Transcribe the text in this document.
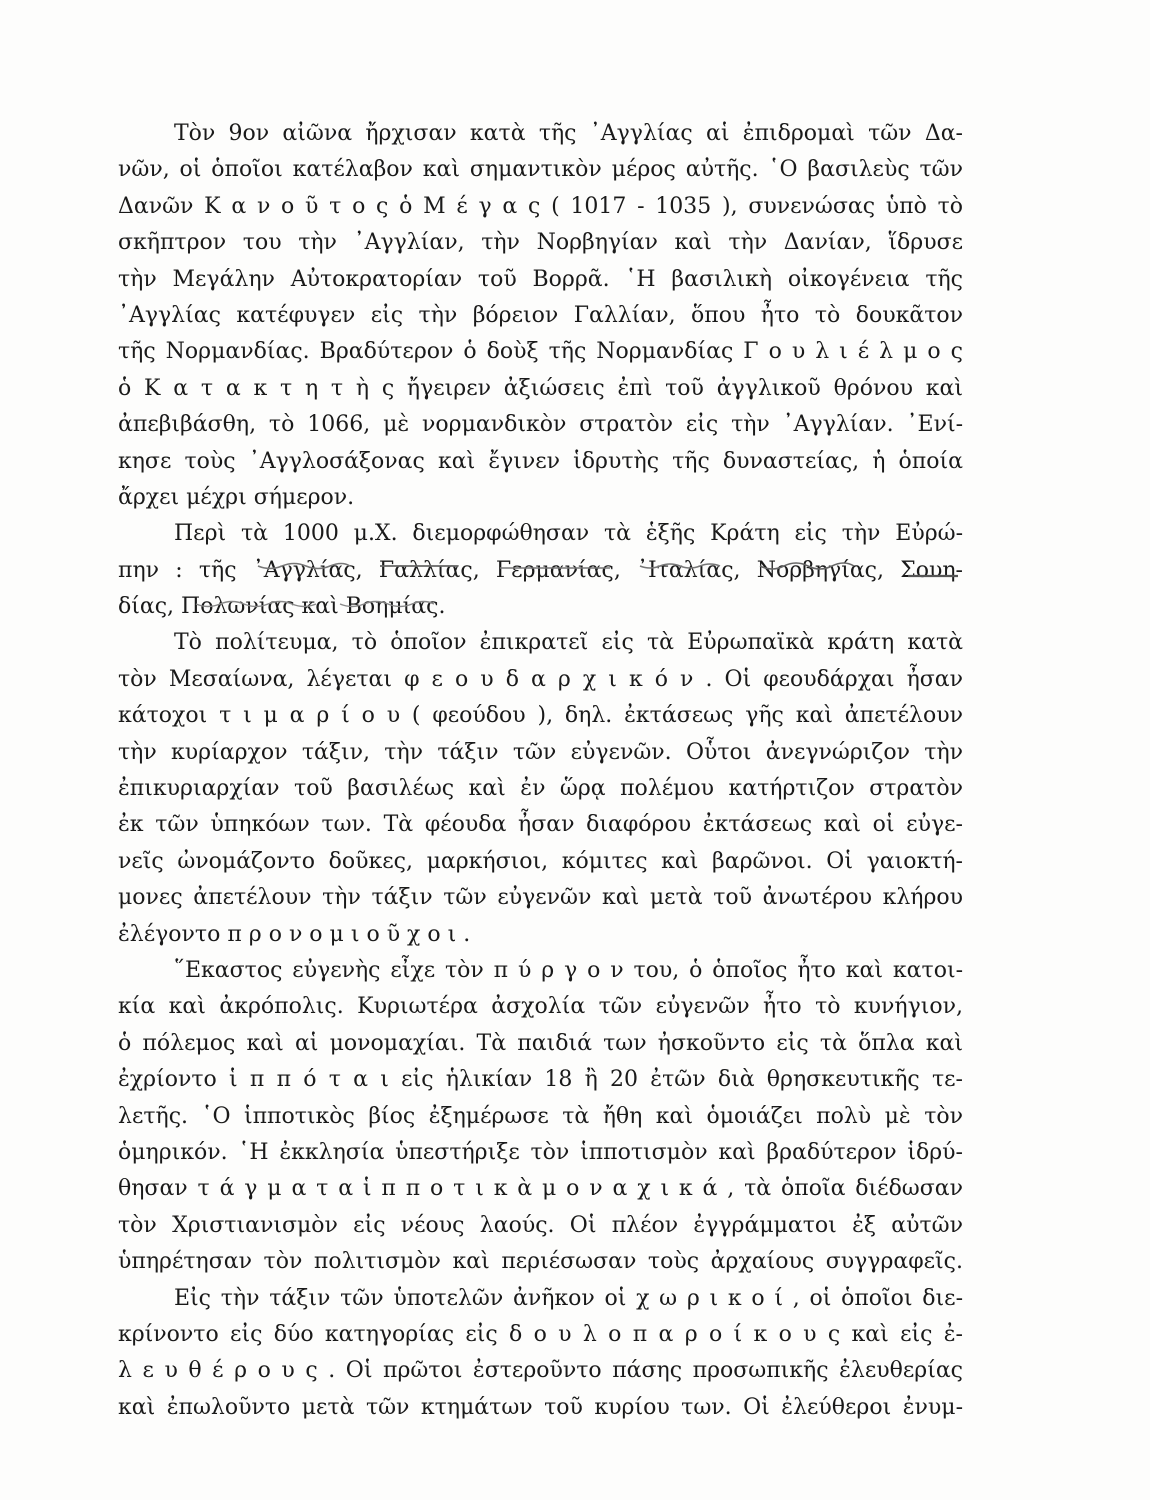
Τὸν 9ον αἰῶνα ἤρχισαν κατὰ τῆς ᾿Αγγλίας αἱ ἐπιδρομαὶ τῶν Δα-
νῶν, οἱ ὁποῖοι κατέλαβον καὶ σημαντικὸν μέρος αὐτῆς. ῾Ο βασιλεὺς τῶν
Δανῶν Κ α ν ο ῦ τ ο ς ὁ Μ έ γ α ς ( 1017 - 1035 ), συνενώσας ὑπὸ τὸ
σκῆπτρον του τὴν ᾿Αγγλίαν, τὴν Νορβηγίαν καὶ τὴν Δανίαν, ἵδρυσε
τὴν Μεγάλην Αὐτοκρατορίαν τοῦ Βορρᾶ. ῾Η βασιλικὴ οἰκογένεια τῆς
᾿Αγγλίας κατέφυγεν εἰς τὴν βόρειον Γαλλίαν, ὅπου ἦτο τὸ δουκᾶτον
τῆς Νορμανδίας. Βραδύτερον ὁ δοὺξ τῆς Νορμανδίας Γ ο υ λ ι έ λ μ ο ς
ὁ Κ α τ α κ τ η τ ὴ ς ἤγειρεν ἀξιώσεις ἐπὶ τοῦ ἀγγλικοῦ θρόνου καὶ
ἀπεβιβάσθη, τὸ 1066, μὲ νορμανδικὸν στρατὸν εἰς τὴν ᾿Αγγλίαν. ᾿Ενί-
κησε τοὺς ᾿Αγγλοσάξονας καὶ ἔγινεν ἱδρυτὴς τῆς δυναστείας, ἡ ὁποία
ἄρχει μέχρι σήμερον.
Περὶ τὰ 1000 μ.Χ. διεμορφώθησαν τὰ ἑξῆς Κράτη εἰς τὴν Εὐρώ-
πην : τῆς ᾿Αγγλίας, Γαλλίας, Γερμανίας, ᾿Ιταλίας, Νορβηγίας, Σουη-
δίας, Πολωνίας καὶ Βοημίας.
Τὸ πολίτευμα, τὸ ὁποῖον ἐπικρατεῖ εἰς τὰ Εὐρωπαϊκὰ κράτη κατὰ
τὸν Μεσαίωνα, λέγεται φ ε ο υ δ α ρ χ ι κ ό ν . Οἱ φεουδάρχαι ἦσαν
κάτοχοι τ ι μ α ρ ί ο υ ( φεούδου ), δηλ. ἐκτάσεως γῆς καὶ ἀπετέλουν
τὴν κυρίαρχον τάξιν, τὴν τάξιν τῶν εὐγενῶν. Οὗτοι ἀνεγνώριζον τὴν
ἐπικυριαρχίαν τοῦ βασιλέως καὶ ἐν ὥρᾳ πολέμου κατήρτιζον στρατὸν
ἐκ τῶν ὑπηκόων των. Τὰ φέουδα ἦσαν διαφόρου ἐκτάσεως καὶ οἱ εὐγε-
νεῖς ὠνομάζοντο δοῦκες, μαρκήσιοι, κόμιτες καὶ βαρῶνοι. Οἱ γαιοκτή-
μονες ἀπετέλουν τὴν τάξιν τῶν εὐγενῶν καὶ μετὰ τοῦ ἀνωτέρου κλήρου
ἐλέγοντο π ρ ο ν ο μ ι ο ῦ χ ο ι .
῞Εκαστος εὐγενὴς εἶχε τὸν π ύ ρ γ ο ν του, ὁ ὁποῖος ἦτο καὶ κατοι-
κία καὶ ἀκρόπολις. Κυριωτέρα ἀσχολία τῶν εὐγενῶν ἦτο τὸ κυνήγιον,
ὁ πόλεμος καὶ αἱ μονομαχίαι. Τὰ παιδιά των ἠσκοῦντο εἰς τὰ ὅπλα καὶ
ἐχρίοντο ἱ π π ό τ α ι εἰς ἡλικίαν 18 ἢ 20 ἐτῶν διὰ θρησκευτικῆς τε-
λετῆς. ῾Ο ἱπποτικὸς βίος ἐξημέρωσε τὰ ἤθη καὶ ὁμοιάζει πολὺ μὲ τὸν
ὁμηρικόν. ῾Η ἐκκλησία ὑπεστήριξε τὸν ἱπποτισμὸν καὶ βραδύτερον ἱδρύ-
θησαν τ ά γ μ α τ α ἱ π π ο τ ι κ ὰ μ ο ν α χ ι κ ά , τὰ ὁποῖα διέδωσαν
τὸν Χριστιανισμὸν εἰς νέους λαούς. Οἱ πλέον ἐγγράμματοι ἐξ αὐτῶν
ὑπηρέτησαν τὸν πολιτισμὸν καὶ περιέσωσαν τοὺς ἀρχαίους συγγραφεῖς.
Εἰς τὴν τάξιν τῶν ὑποτελῶν ἀνῆκον οἱ χ ω ρ ι κ ο ί , οἱ ὁποῖοι διε-
κρίνοντο εἰς δύο κατηγορίας εἰς δ ο υ λ ο π α ρ ο ί κ ο υ ς καὶ εἰς ἐ-
λ ε υ θ έ ρ ο υ ς . Οἱ πρῶτοι ἐστεροῦντο πάσης προσωπικῆς ἐλευθερίας
καὶ ἐπωλοῦντο μετὰ τῶν κτημάτων τοῦ κυρίου των. Οἱ ἐλεύθεροι ἐνυμ-
